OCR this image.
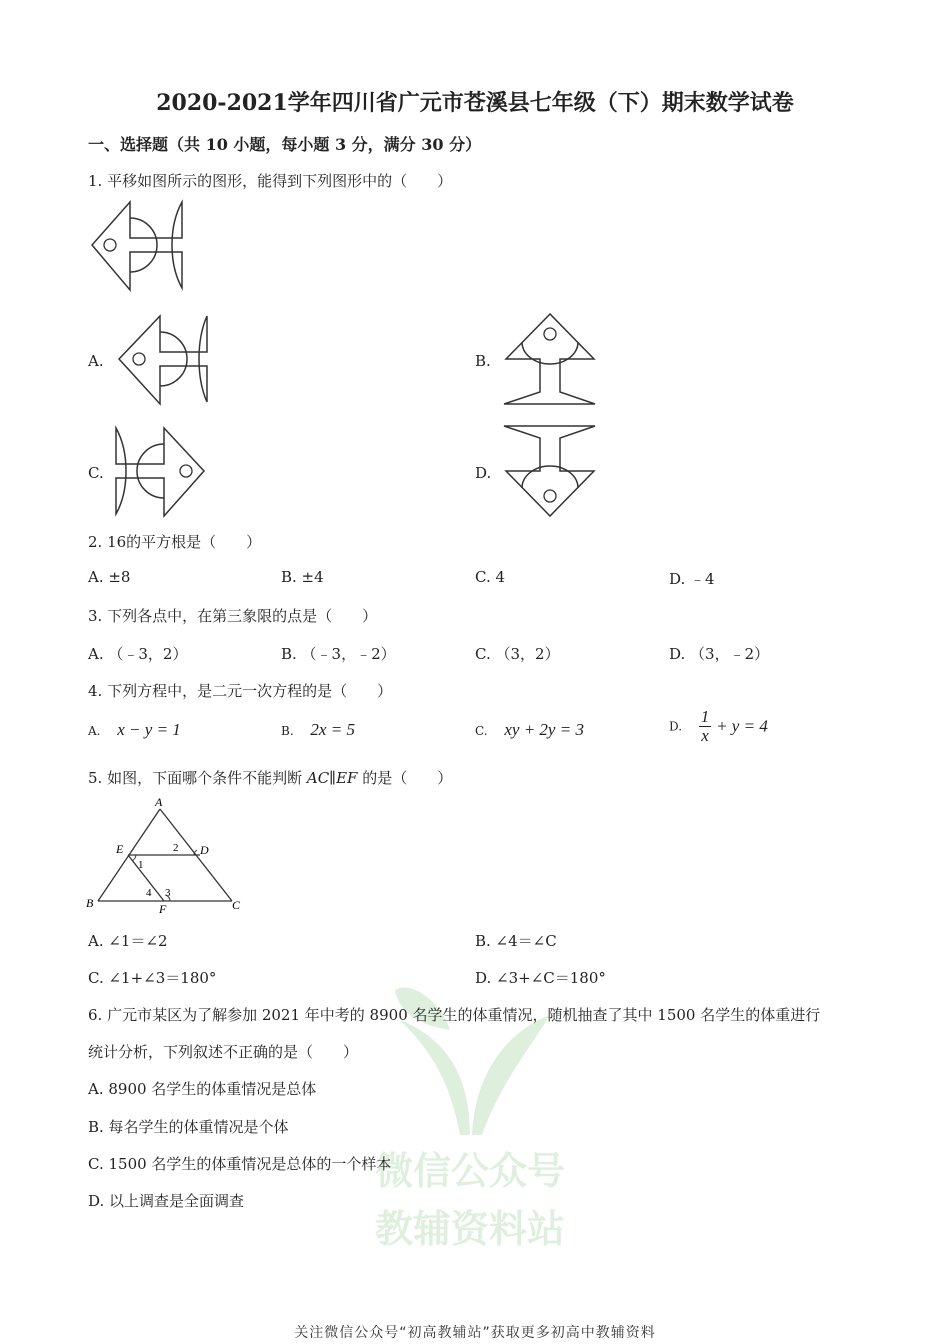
2020-2021学年四川省广元市苍溪县七年级（下）期末数学试卷
一、选择题（共 10 小题，每小题 3 分，满分 30 分）
微信公众号
教辅资料站
1. 平移如图所示的图形，能得到下列图形中的（　　）
A.	B.
C.	D.
2. 16的平方根是（　　）
A. ±8	B. ±4	C. 4	D. ﹣4
3. 下列各点中，在第三象限的点是（　　）
A. （﹣3，2）	B. （﹣3，﹣2）	C. （3，2）	D. （3，﹣2）
4. 下列方程中，是二元一次方程的是（　　）
A. x − y = 1	B. 2x = 5	C. xy + 2y = 3	D. $\frac{1}{x} + y = 4$
5. 如图，下面哪个条件不能判断 AC∥EF 的是（　　）
A
B	C
D
E
F
1
2
3
4
A. ∠1＝∠2	B. ∠4＝∠C
C. ∠1+∠3＝180°	D. ∠3+∠C＝180°
6. 广元市某区为了解参加 2021 年中考的 8900 名学生的体重情况，随机抽查了其中 1500 名学生的体重进行
统计分析，下列叙述不正确的是（　　）
A. 8900 名学生的体重情况是总体
B. 每名学生的体重情况是个体
C. 1500 名学生的体重情况是总体的一个样本
D. 以上调查是全面调查
关注微信公众号“初高教辅站”获取更多初高中教辅资料
